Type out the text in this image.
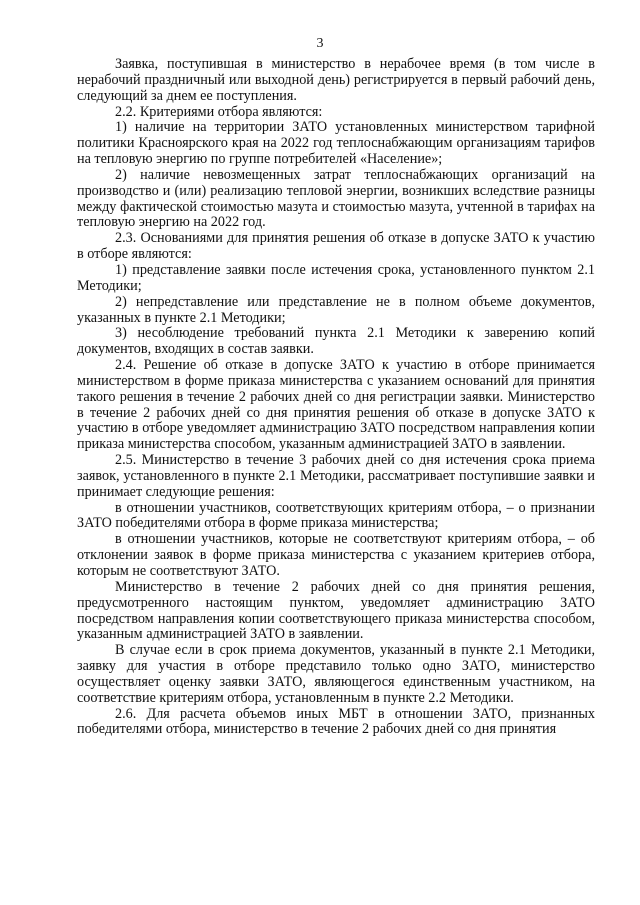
3

Заявка, поступившая в министерство в нерабочее время (в том числе в нерабочий праздничный или выходной день) регистрируется в первый рабочий день, следующий за днем ее поступления.

2.2. Критериями отбора являются:

1) наличие на территории ЗАТО установленных министерством тарифной политики Красноярского края на 2022 год теплоснабжающим организациям тарифов на тепловую энергию по группе потребителей «Население»;

2) наличие невозмещенных затрат теплоснабжающих организаций на производство и (или) реализацию тепловой энергии, возникших вследствие разницы между фактической стоимостью мазута и стоимостью мазута, учтенной в тарифах на тепловую энергию на 2022 год.

2.3. Основаниями для принятия решения об отказе в допуске ЗАТО к участию в отборе являются:

1) представление заявки после истечения срока, установленного пунктом 2.1 Методики;

2) непредставление или представление не в полном объеме документов, указанных в пункте 2.1 Методики;

3) несоблюдение требований пункта 2.1 Методики к заверению копий документов, входящих в состав заявки.

2.4. Решение об отказе в допуске ЗАТО к участию в отборе принимается министерством в форме приказа министерства с указанием оснований для принятия такого решения в течение 2 рабочих дней со дня регистрации заявки. Министерство в течение 2 рабочих дней со дня принятия решения об отказе в допуске ЗАТО к участию в отборе уведомляет администрацию ЗАТО посредством направления копии приказа министерства способом, указанным администрацией ЗАТО в заявлении.

2.5. Министерство в течение 3 рабочих дней со дня истечения срока приема заявок, установленного в пункте 2.1 Методики, рассматривает поступившие заявки и принимает следующие решения:

в отношении участников, соответствующих критериям отбора, – о признании ЗАТО победителями отбора в форме приказа министерства;

в отношении участников, которые не соответствуют критериям отбора, – об отклонении заявок в форме приказа министерства с указанием критериев отбора, которым не соответствуют ЗАТО.

Министерство в течение 2 рабочих дней со дня принятия решения, предусмотренного настоящим пунктом, уведомляет администрацию ЗАТО посредством направления копии соответствующего приказа министерства способом, указанным администрацией ЗАТО в заявлении.

В случае если в срок приема документов, указанный в пункте 2.1 Методики, заявку для участия в отборе представило только одно ЗАТО, министерство осуществляет оценку заявки ЗАТО, являющегося единственным участником, на соответствие критериям отбора, установленным в пункте 2.2 Методики.

2.6. Для расчета объемов иных МБТ в отношении ЗАТО, признанных победителями отбора, министерство в течение 2 рабочих дней со дня принятия
